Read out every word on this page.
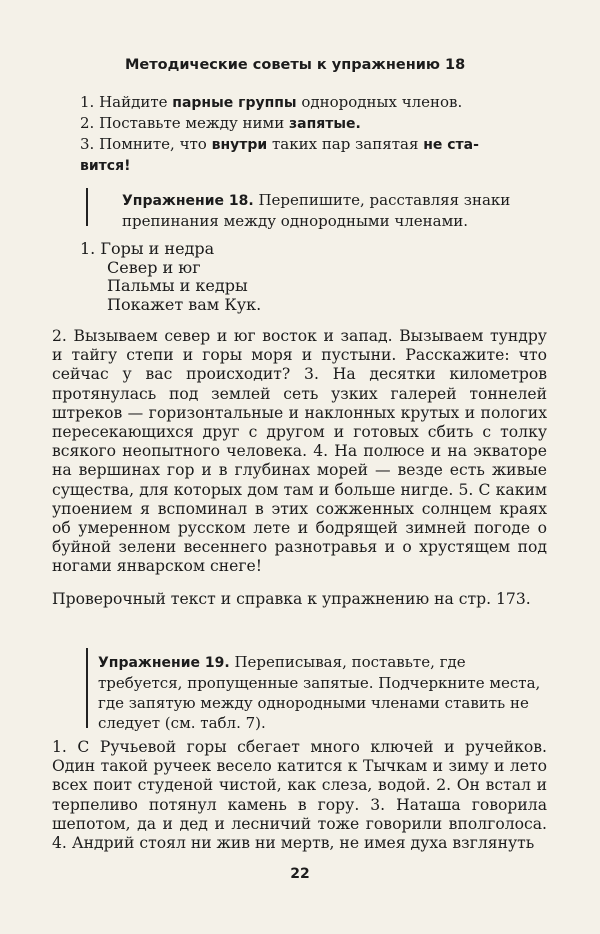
Методические советы к упражнению 18
1. Найдите парные группы однородных членов.
2. Поставьте между ними запятые.
3. Помните, что внутри таких пар запятая не ста-
вится!

Упражнение 18. Перепишите, расставляя знаки препинания между однородными членами.

1. Горы и недра
Север и юг
Пальмы и кедры
Покажет вам Кук.

2. Вызываем север и юг восток и запад. Вызываем тундру и тайгу степи и горы моря и пустыни. Расскажите: что сейчас у вас происходит? 3. На десятки километров протянулась под землей сеть узких галерей тоннелей штреков — горизонтальные и наклонных крутых и пологих пересекающихся друг с другом и готовых сбить с толку всякого неопытного человека. 4. На полюсе и на экваторе на вершинах гор и в глубинах морей — везде есть живые существа, для которых дом там и больше нигде. 5. С каким упоением я вспоминал в этих сожженных солнцем краях об умеренном русском лете и бодрящей зимней погоде о буйной зелени весеннего разнотравья и о хрустящем под ногами январском снеге!

Проверочный текст и справка к упражнению на стр. 173.

Упражнение 19. Переписывая, поставьте, где требуется, пропущенные запятые. Подчеркните места, где запятую между однородными членами ставить не следует (см. табл. 7).

1. С Ручьевой горы сбегает много ключей и ручейков. Один такой ручеек весело катится к Тычкам и зиму и лето всех поит студеной чистой, как слеза, водой. 2. Он встал и терпеливо потянул камень в гору. 3. Наташа говорила шепотом, да и дед и лесничий тоже говорили вполголоса. 4. Андрий стоял ни жив ни мертв, не имея духа взглянуть

22
